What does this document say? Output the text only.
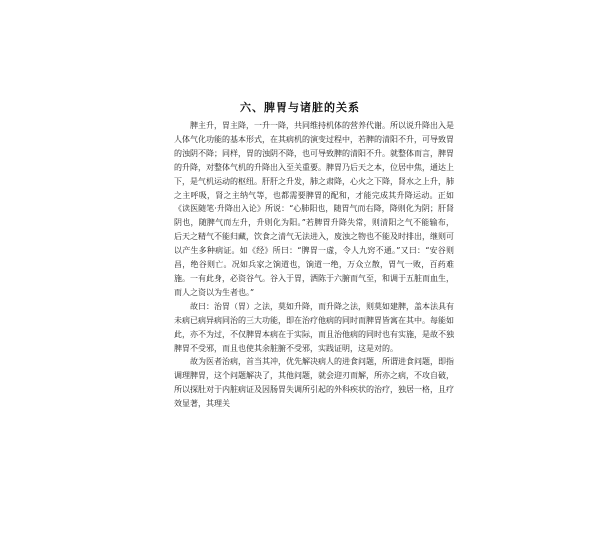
六、脾胃与诸脏的关系

脾主升，胃主降，一升一降，共同维持机体的营养代谢。所以说升降出入是人体气化功能的基本形式，在其病机的演变过程中，若脾的清阳不升，可导致胃的浊阴不降；同样，胃的浊阴不降，也可导致脾的清阳不升。就整体而言，脾胃的升降，对整体气机的升降出入至关重要。脾胃乃后天之本，位居中焦，通达上下，是气机运动的枢纽。肝肝之升发，肺之肃降，心火之下降，肾水之上升，肺之主呼吸，肾之主纳气等，也都需要脾胃的配和，才能完成其升降运动。正如《读医随笔·升降出入论》所说：“心肺阳也，随胃气而右降，降则化为阴；肝肾阴也，随脾气而左升，升则化为阳。”若脾胃升降失常，则清阳之气不能输布，后天之精气不能归藏，饮食之清气无法进入，废浊之物也不能及时排出，继则可以产生多种病证。如《经》所曰：“脾胃一虚，令人九窍不通。”又曰：“安谷则昌，绝谷则亡。况如兵家之饷道也，饷道一绝，万众立散，胃气一败，百药难施。一有此身，必资谷气。谷入于胃，洒陈于六腑而气至，和调于五脏而血生，而人之资以为生者也。”

故曰：治胃（胃）之法，莫如升降，而升降之法，则莫如建脾，盖本法具有未病已病异病同治的三大功能，即在治疗他病的同时而脾胃皆寓在其中。每能如此，亦不为过，不仅脾胃本病在于实际，而且治他病的同时也有实施，是故不独脾胃不受邪，而且也使其余脏腑不受邪，实践证明，这是对的。

故为医者治病，首当其冲，优先解决病人的进食问题，所谓进食问题，即指调理脾胃，这个问题解决了，其他问题，就会迎刃而解，所亦之病，不攻自破，所以探肚对于内脏病证及因肠胃失调所引起的外科疾状的治疗，独居一格，且疗效显著，其理关
